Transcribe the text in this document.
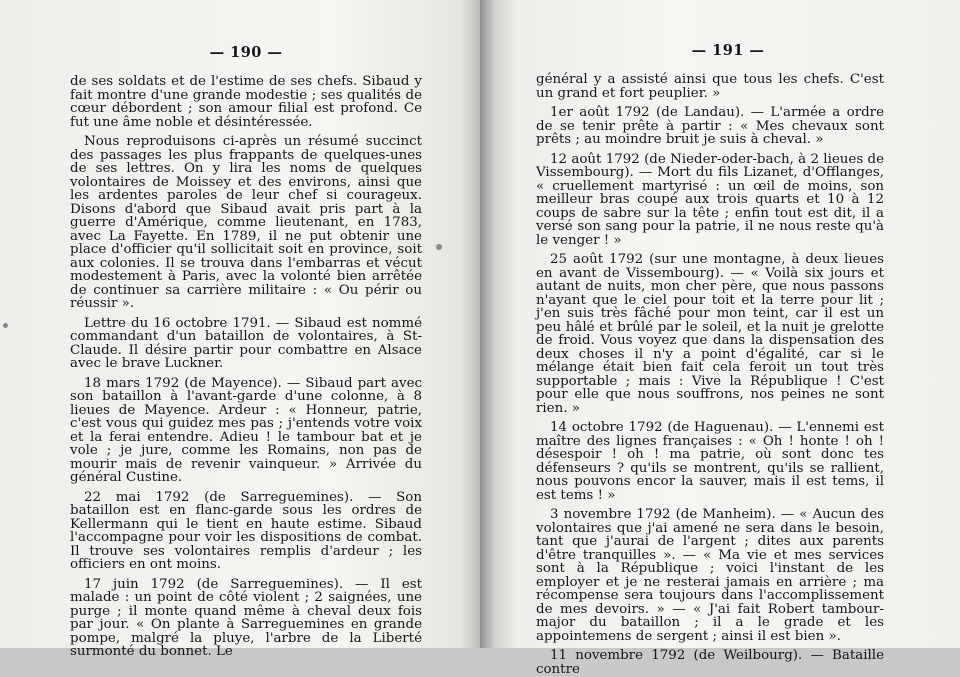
— 190 —

de ses soldats et de l'estime de ses chefs. Sibaud y fait montre d'une grande modestie ; ses qualités de cœur débordent ; son amour filial est profond. Ce fut une âme noble et désintéressée.

Nous reproduisons ci-après un résumé succinct des passages les plus frappants de quelques-unes de ses lettres. On y lira les noms de quelques volontaires de Moissey et des environs, ainsi que les ardentes paroles de leur chef si courageux. Disons d'abord que Sibaud avait pris part à la guerre d'Amérique, comme lieutenant, en 1783, avec La Fayette. En 1789, il ne put obtenir une place d'officier qu'il sollicitait soit en province, soit aux colonies. Il se trouva dans l'embarras et vécut modestement à Paris, avec la volonté bien arrêtée de continuer sa carrière militaire : « Ou périr ou réussir ».

Lettre du 16 octobre 1791. — Sibaud est nommé commandant d'un bataillon de volontaires, à St-Claude. Il désire partir pour combattre en Alsace avec le brave Luckner.

18 mars 1792 (de Mayence). — Sibaud part avec son bataillon à l'avant-garde d'une colonne, à 8 lieues de Mayence. Ardeur : « Honneur, patrie, c'est vous qui guidez mes pas ; j'entends votre voix et la ferai entendre. Adieu ! le tambour bat et je vole ; je jure, comme les Romains, non pas de mourir mais de revenir vainqueur. » Arrivée du général Custine.

22 mai 1792 (de Sarreguemines). — Son bataillon est en flanc-garde sous les ordres de Kellermann qui le tient en haute estime. Sibaud l'accompagne pour voir les dispositions de combat. Il trouve ses volontaires remplis d'ardeur ; les officiers en ont moins.

17 juin 1792 (de Sarreguemines). — Il est malade : un point de côté violent ; 2 saignées, une purge ; il monte quand même à cheval deux fois par jour. « On plante à Sarreguemines en grande pompe, malgré la pluye, l'arbre de la Liberté surmonté du bonnet. Le

— 191 —

général y a assisté ainsi que tous les chefs. C'est un grand et fort peuplier. »

1er août 1792 (de Landau). — L'armée a ordre de se tenir prête à partir : « Mes chevaux sont prêts ; au moindre bruit je suis à cheval. »

12 août 1792 (de Nieder-oder-bach, à 2 lieues de Vissembourg). — Mort du fils Lizanet, d'Offlanges, « cruellement martyrisé : un œil de moins, son meilleur bras coupé aux trois quarts et 10 à 12 coups de sabre sur la tête ; enfin tout est dit, il a versé son sang pour la patrie, il ne nous reste qu'à le venger ! »

25 août 1792 (sur une montagne, à deux lieues en avant de Vissembourg). — « Voilà six jours et autant de nuits, mon cher père, que nous passons n'ayant que le ciel pour toit et la terre pour lit ; j'en suis très fâché pour mon teint, car il est un peu hâlé et brûlé par le soleil, et la nuit je grelotte de froid. Vous voyez que dans la dispensation des deux choses il n'y a point d'égalité, car si le mélange était bien fait cela feroit un tout très supportable ; mais : Vive la République ! C'est pour elle que nous souffrons, nos peines ne sont rien. »

14 octobre 1792 (de Haguenau). — L'ennemi est maître des lignes françaises : « Oh ! honte ! oh ! désespoir ! oh ! ma patrie, où sont donc tes défenseurs ? qu'ils se montrent, qu'ils se rallient, nous pouvons encor la sauver, mais il est tems, il est tems ! »

3 novembre 1792 (de Manheim). — « Aucun des volontaires que j'ai amené ne sera dans le besoin, tant que j'aurai de l'argent ; dites aux parents d'être tranquilles ». — « Ma vie et mes services sont à la République ; voici l'instant de les employer et je ne resterai jamais en arrière ; ma récompense sera toujours dans l'accomplissement de mes devoirs. » — « J'ai fait Robert tambour-major du bataillon ; il a le grade et les appointemens de sergent ; ainsi il est bien ».

11 novembre 1792 (de Weilbourg). — Bataille contre
